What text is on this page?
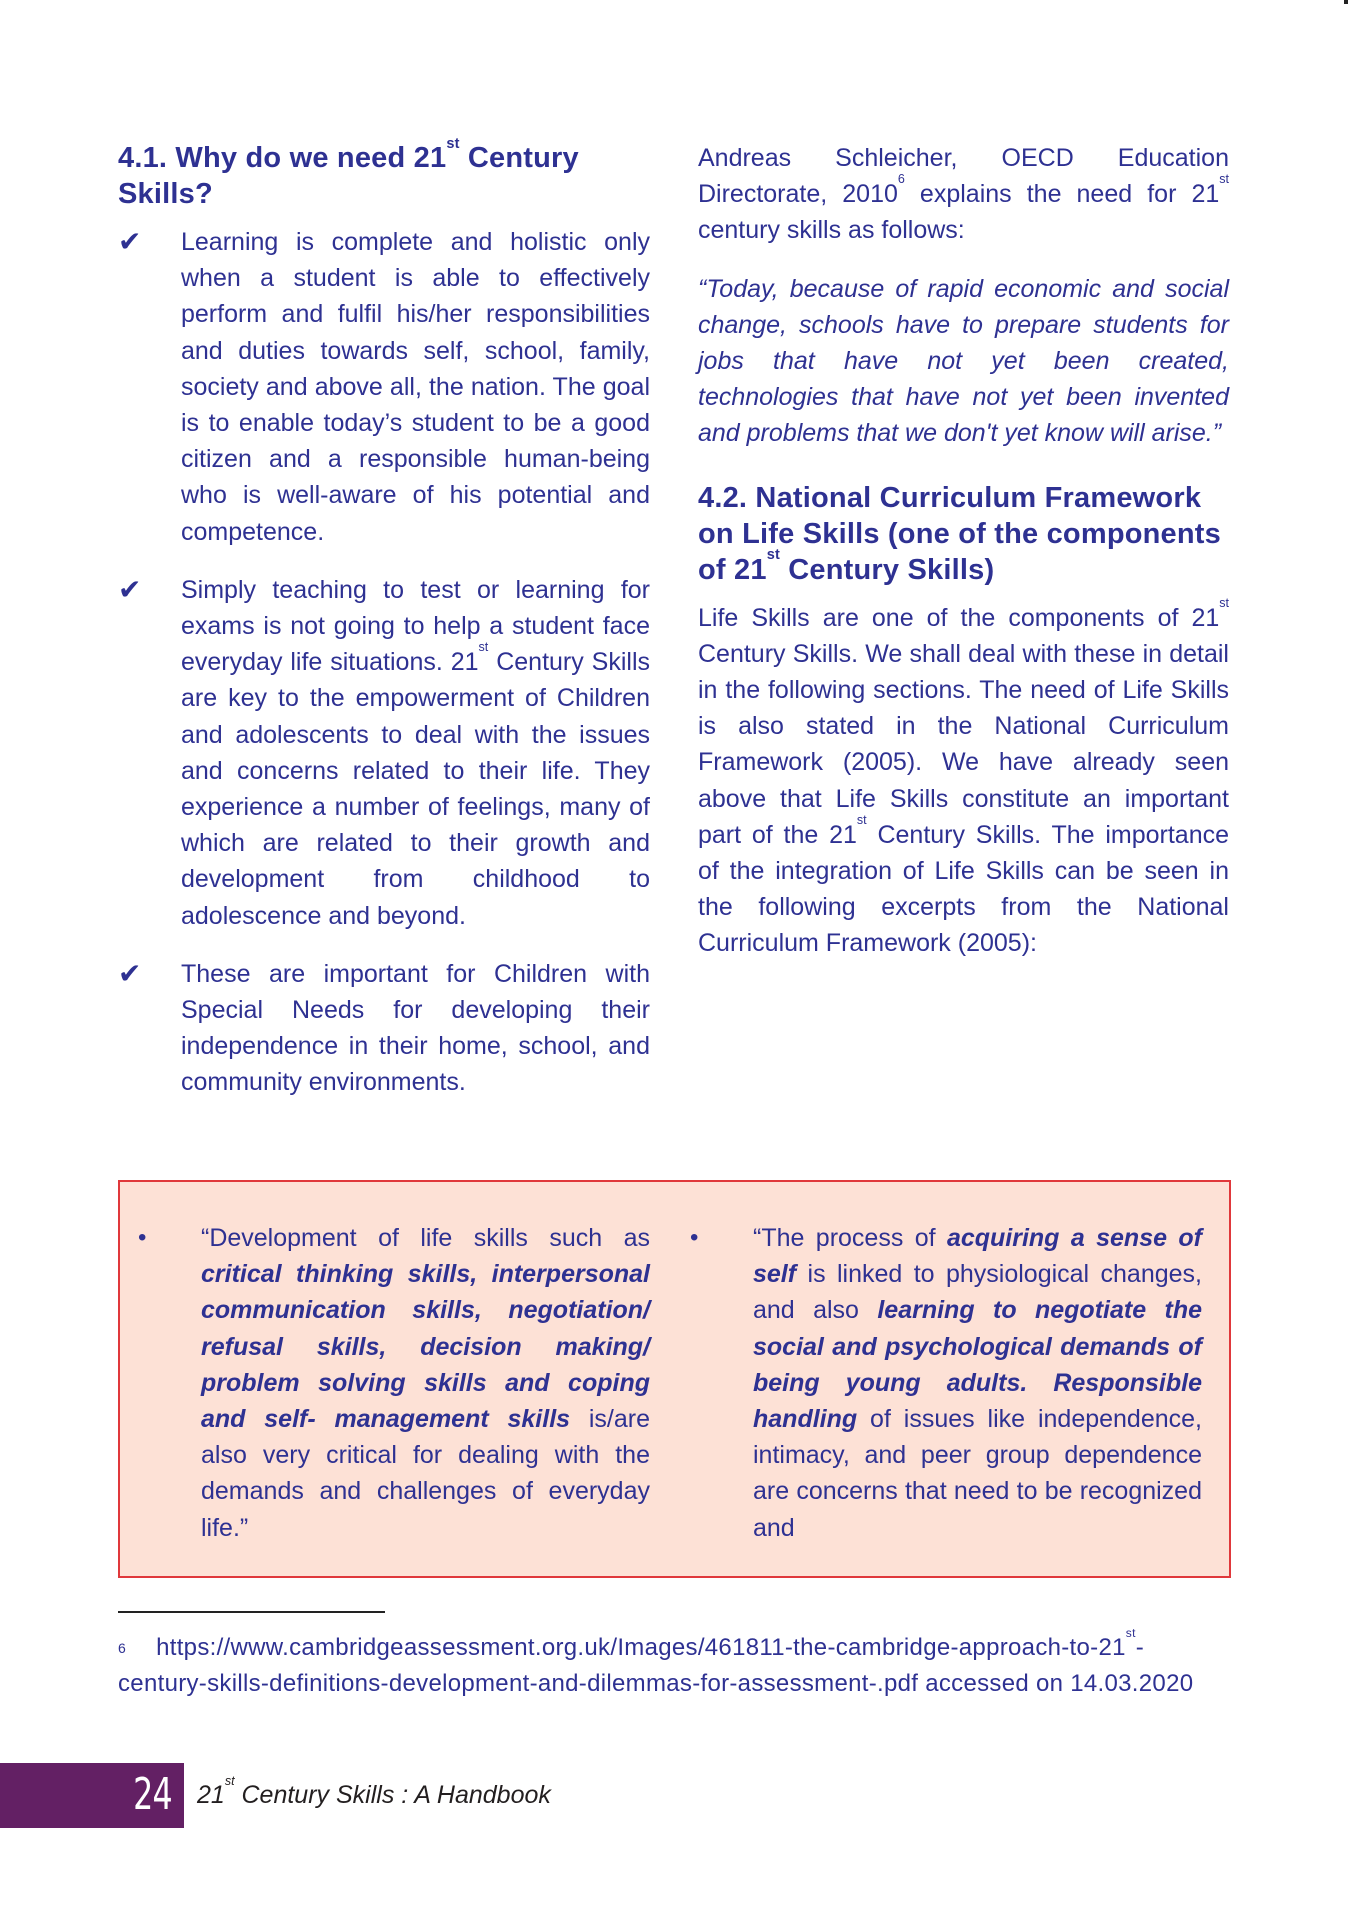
4.1. Why do we need 21st Century Skills?
✔ Learning is complete and holistic only when a student is able to effectively perform and fulfil his/her responsibilities and duties towards self, school, family, society and above all, the nation. The goal is to enable today’s student to be a good citizen and a responsible human-being who is well-aware of his potential and competence.
✔ Simply teaching to test or learning for exams is not going to help a student face everyday life situations. 21st Century Skills are key to the empowerment of Children and adolescents to deal with the issues and concerns related to their life. They experience a number of feelings, many of which are related to their growth and development from childhood to adolescence and beyond.
✔ These are important for Children with Special Needs for developing their independence in their home, school, and community environments.

Andreas Schleicher, OECD Education Directorate, 2010$^6$ explains the need for 21st century skills as follows:

“Today, because of rapid economic and social change, schools have to prepare students for jobs that have not yet been created, technologies that have not yet been invented and problems that we don't yet know will arise.”

4.2. National Curriculum Framework on Life Skills (one of the components of 21st Century Skills)

Life Skills are one of the components of 21st Century Skills. We shall deal with these in detail in the following sections. The need of Life Skills is also stated in the National Curriculum Framework (2005). We have already seen above that Life Skills constitute an important part of the 21st Century Skills. The importance of the integration of Life Skills can be seen in the following excerpts from the National Curriculum Framework (2005):

• “Development of life skills such as critical thinking skills, interpersonal communication skills, negotiation/ refusal skills, decision making/ problem solving skills and coping and self- management skills is/are also very critical for dealing with the demands and challenges of everyday life.”
• “The process of acquiring a sense of self is linked to physiological changes, and also learning to negotiate the social and psychological demands of being young adults. Responsible handling of issues like independence, intimacy, and peer group dependence are concerns that need to be recognized and
$^6$ https://www.cambridgeassessment.org.uk/Images/461811-the-cambridge-approach-to-21st-century-skills-definitions-development-and-dilemmas-for-assessment-.pdf accessed on 14.03.2020
24 21st Century Skills : A Handbook
